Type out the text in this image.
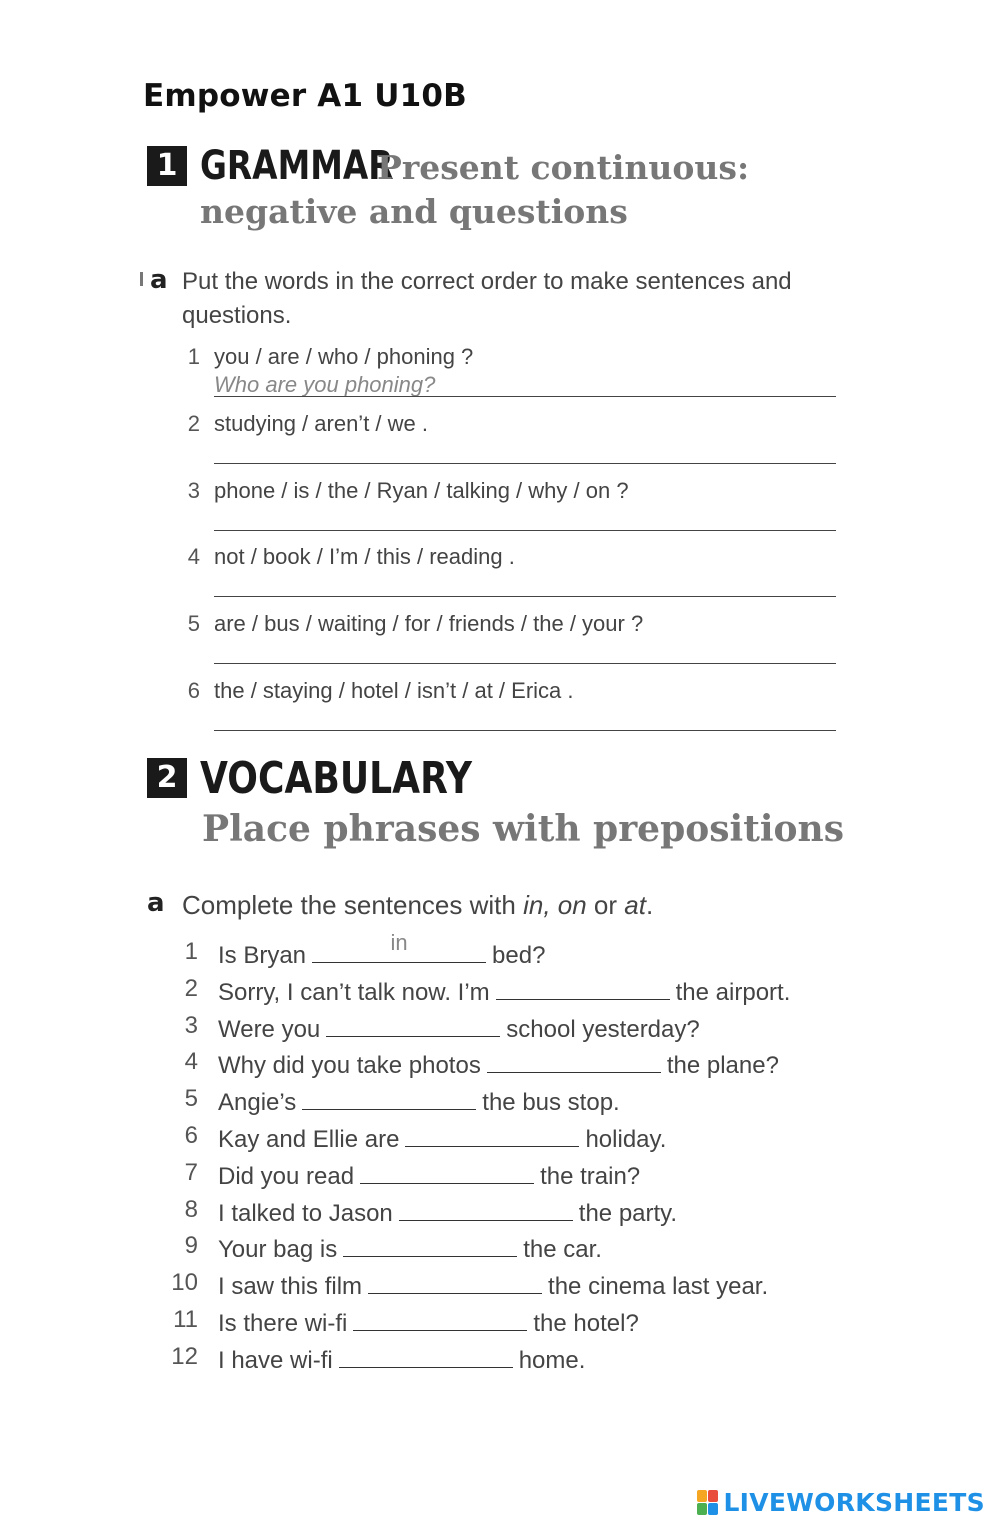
Empower A1 U10B
1 GRAMMAR
Present continuous:
negative and questions
a Put the words in the correct order to make sentences and questions.
1 you / are / who / phoning ?
Who are you phoning?
2 studying / aren’t / we .
3 phone / is / the / Ryan / talking / why / on ?
4 not / book / I’m / this / reading .
5 are / bus / waiting / for / friends / the / your ?
6 the / staying / hotel / isn’t / at / Erica .
2 VOCABULARY
Place phrases with prepositions
a Complete the sentences with in, on or at.
1 Is Bryan	in	bed?
2 Sorry, I can’t talk now. I’m	the airport.
3 Were you	school yesterday?
4 Why did you take photos	the plane?
5 Angie’s	the bus stop.
6 Kay and Ellie are	holiday.
7 Did you read	the train?
8 I talked to Jason	the party.
9 Your bag is	the car.
10 I saw this film	the cinema last year.
11 Is there wi-fi	the hotel?
12 I have wi-fi	home.
LIVEWORKSHEETS
